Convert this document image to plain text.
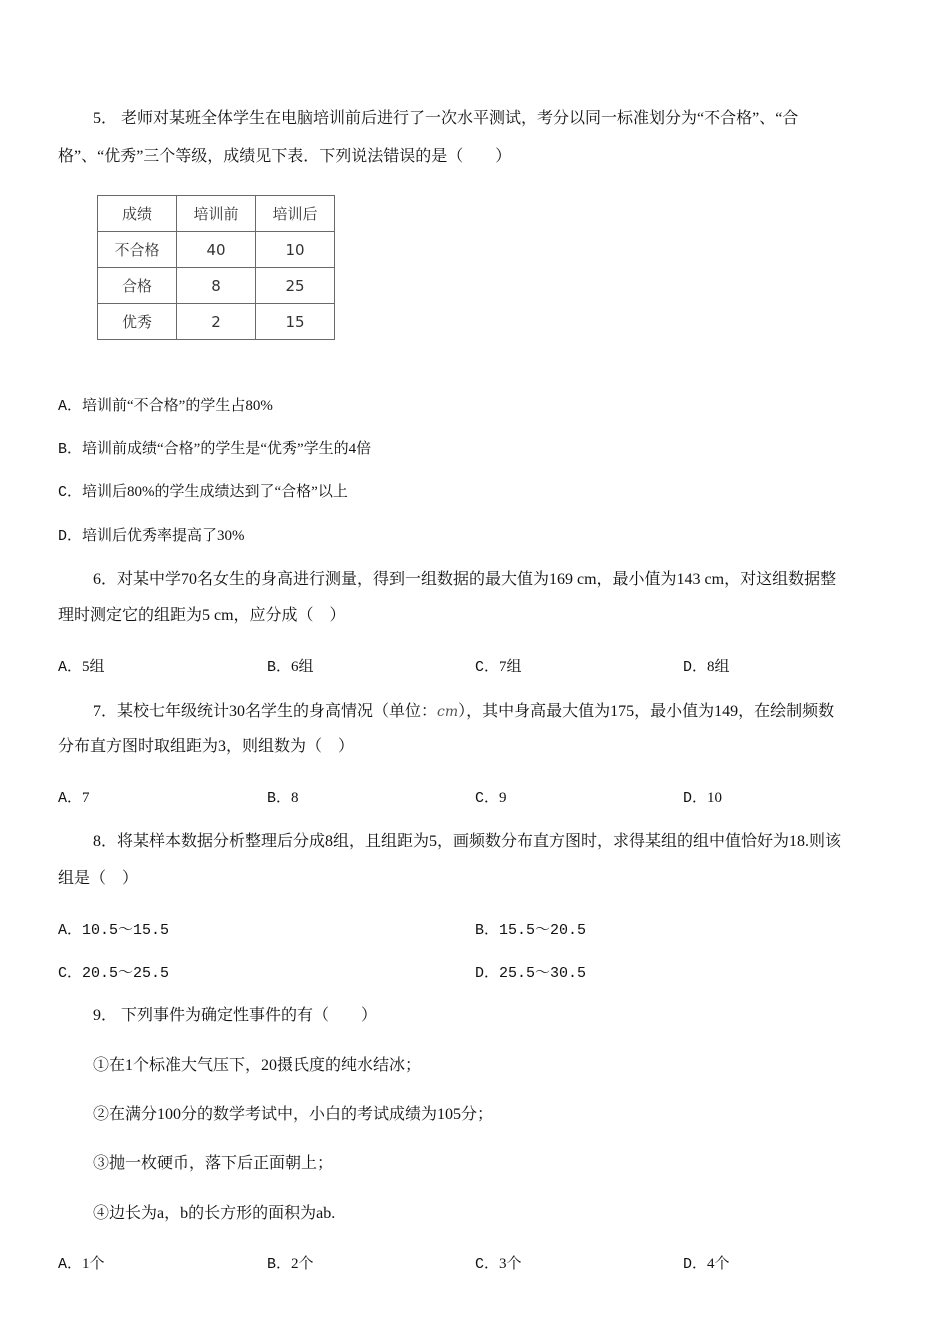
5． 老师对某班全体学生在电脑培训前后进行了一次水平测试，考分以同一标准划分为“不合格”、“合
格”、“优秀”三个等级，成绩见下表．下列说法错误的是（　　）
成绩	培训前	培训后
不合格	40	10
合格	8	25
优秀	2	15
A．培训前“不合格”的学生占80%
B．培训前成绩“合格”的学生是“优秀”学生的4倍
C．培训后80%的学生成绩达到了“合格”以上
D．培训后优秀率提高了30%
6．对某中学70名女生的身高进行测量，得到一组数据的最大值为169 cm，最小值为143 cm，对这组数据整
理时测定它的组距为5 cm，应分成（　）
A．5组	B．6组	C．7组	D．8组
7．某校七年级统计30名学生的身高情况（单位：cm），其中身高最大值为175，最小值为149，在绘制频数
分布直方图时取组距为3，则组数为（　）
A．7	B．8	C．9	D．10
8．将某样本数据分析整理后分成8组，且组距为5，画频数分布直方图时，求得某组的组中值恰好为18.则该
组是（　）
A．10.5～15.5	B．15.5～20.5
C．20.5～25.5	D．25.5～30.5
9． 下列事件为确定性事件的有（　　）
①在1个标准大气压下，20摄氏度的纯水结冰；
②在满分100分的数学考试中，小白的考试成绩为105分；
③抛一枚硬币，落下后正面朝上；
④边长为a，b的长方形的面积为ab.
A．1个	B．2个	C．3个	D．4个
